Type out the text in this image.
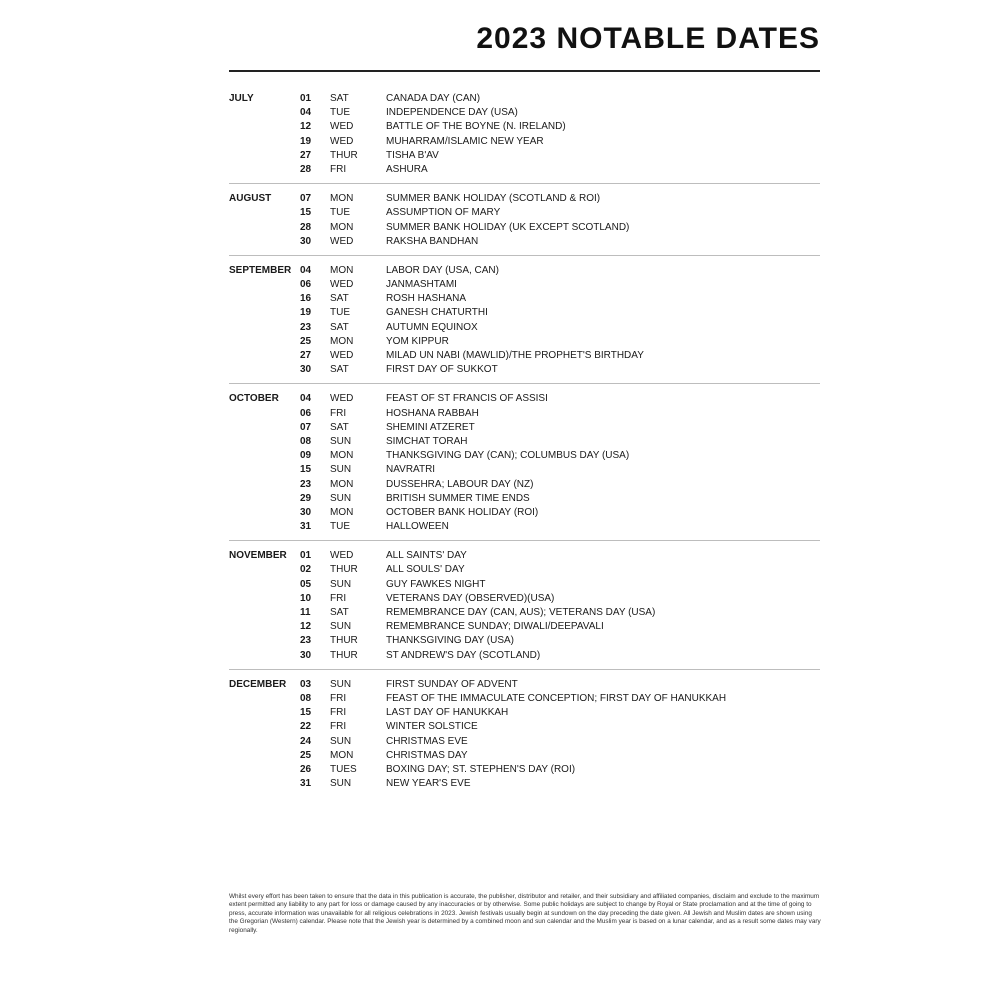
2023 NOTABLE DATES
JULY	01	SAT	CANADA DAY (CAN)
04	TUE	INDEPENDENCE DAY (USA)
12	WED	BATTLE OF THE BOYNE (N. IRELAND)
19	WED	MUHARRAM/ISLAMIC NEW YEAR
27	THUR	TISHA B'AV
28	FRI	ASHURA
AUGUST	07	MON	SUMMER BANK HOLIDAY (SCOTLAND & ROI)
15	TUE	ASSUMPTION OF MARY
28	MON	SUMMER BANK HOLIDAY (UK EXCEPT SCOTLAND)
30	WED	RAKSHA BANDHAN
SEPTEMBER 04	MON	LABOR DAY (USA, CAN)
06	WED	JANMASHTAMI
16	SAT	ROSH HASHANA
19	TUE	GANESH CHATURTHI
23	SAT	AUTUMN EQUINOX
25	MON	YOM KIPPUR
27	WED	MILAD UN NABI (MAWLID)/THE PROPHET'S BIRTHDAY
30	SAT	FIRST DAY OF SUKKOT
OCTOBER 04	WED	FEAST OF ST FRANCIS OF ASSISI
06	FRI	HOSHANA RABBAH
07	SAT	SHEMINI ATZERET
08	SUN	SIMCHAT TORAH
09	MON	THANKSGIVING DAY (CAN); COLUMBUS DAY (USA)
15	SUN	NAVRATRI
23	MON	DUSSEHRA; LABOUR DAY (NZ)
29	SUN	BRITISH SUMMER TIME ENDS
30	MON	OCTOBER BANK HOLIDAY (ROI)
31	TUE	HALLOWEEN
NOVEMBER 01	WED	ALL SAINTS' DAY
02	THUR	ALL SOULS' DAY
05	SUN	GUY FAWKES NIGHT
10	FRI	VETERANS DAY (OBSERVED)(USA)
11	SAT	REMEMBRANCE DAY (CAN, AUS); VETERANS DAY (USA)
12	SUN	REMEMBRANCE SUNDAY; DIWALI/DEEPAVALI
23	THUR	THANKSGIVING DAY (USA)
30	THUR	ST ANDREW'S DAY (SCOTLAND)
DECEMBER 03	SUN	FIRST SUNDAY OF ADVENT
08	FRI	FEAST OF THE IMMACULATE CONCEPTION; FIRST DAY OF HANUKKAH
15	FRI	LAST DAY OF HANUKKAH
22	FRI	WINTER SOLSTICE
24	SUN	CHRISTMAS EVE
25	MON	CHRISTMAS DAY
26	TUES	BOXING DAY; ST. STEPHEN'S DAY (ROI)
31	SUN	NEW YEAR'S EVE

Whilst every effort has been taken to ensure that the data in this publication is accurate, the publisher, distributor and retailer, and their subsidiary and affiliated companies, disclaim and exclude to the maximum extent permitted any liability to any part for loss or damage caused by any inaccuracies or by otherwise. Some public holidays are subject to change by Royal or State proclamation and at the time of going to press, accurate information was unavailable for all religious celebrations in 2023. Jewish festivals usually begin at sundown on the day preceding the date given. All Jewish and Muslim dates are shown using the Gregorian (Western) calendar. Please note that the Jewish year is determined by a combined moon and sun calendar and the Muslim year is based on a lunar calendar, and as a result some dates may vary regionally.
